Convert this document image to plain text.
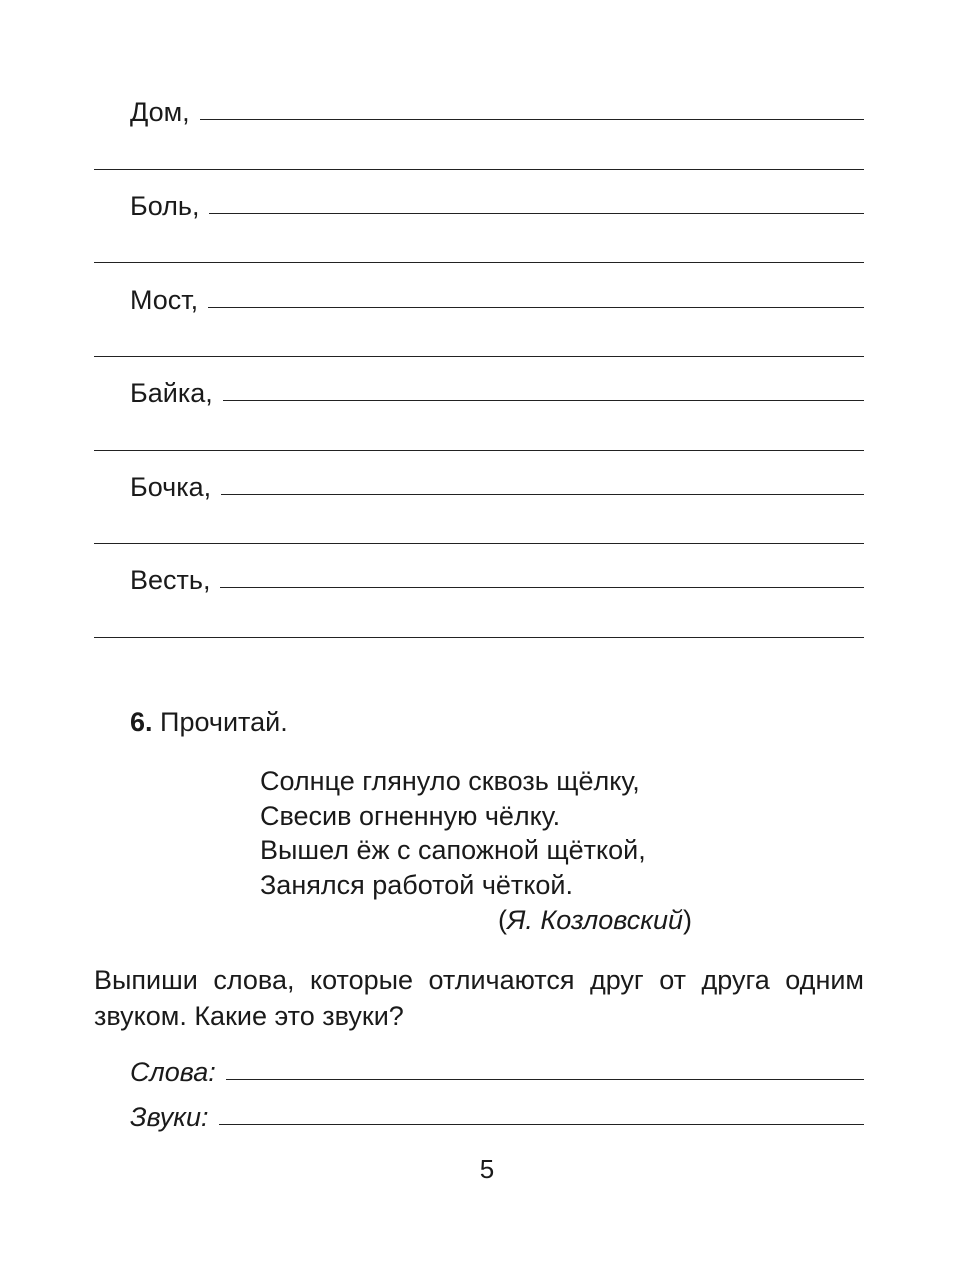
Дом,
Боль,
Мост,
Байка,
Бочка,
Весть,
6. Прочитай.
Солнце глянуло сквозь щёлку,
Свесив огненную чёлку.
Вышел ёж с сапожной щёткой,
Занялся работой чёткой.
(Я. Козловский)
Выпиши слова, которые отличаются друг от друга одним звуком. Какие это звуки?
Слова:
Звуки:
5
